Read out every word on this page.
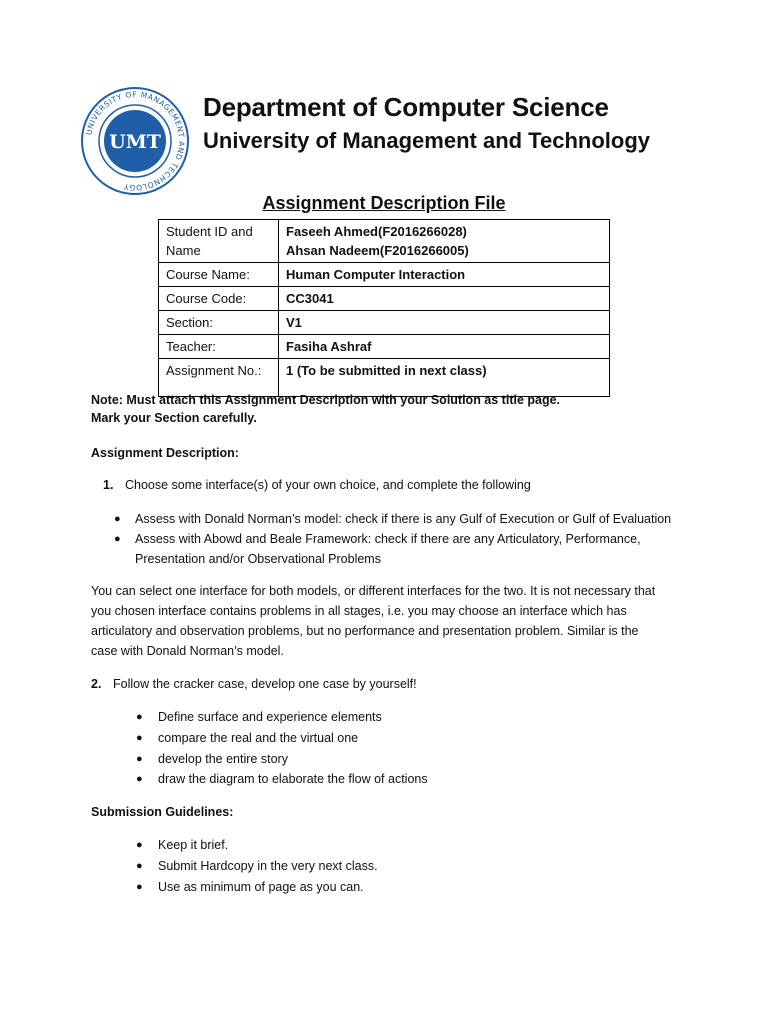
UNIVERSITY OF MANAGEMENT AND TECHNOLOGY
UMT
Department of Computer Science
University of Management and Technology
Assignment Description File
Student ID and Name	Faseeh Ahmed(F2016266028)
Ahsan Nadeem(F2016266005)
Course Name:	Human Computer Interaction
Course Code:	CC3041
Section:	V1
Teacher:	Fasiha Ashraf
Assignment No.:	1 (To be submitted in next class)
Note: Must attach this Assignment Description with your Solution as title page.
Mark your Section carefully.
Assignment Description:
1. Choose some interface(s) of your own choice, and complete the following
● Assess with Donald Norman’s model: check if there is any Gulf of Execution or Gulf of Evaluation
● Assess with Abowd and Beale Framework: check if there are any Articulatory, Performance,
Presentation and/or Observational Problems
You can select one interface for both models, or different interfaces for the two. It is not necessary that
you chosen interface contains problems in all stages, i.e. you may choose an interface which has
articulatory and observation problems, but no performance and presentation problem. Similar is the
case with Donald Norman’s model.
2. Follow the cracker case, develop one case by yourself!
● Define surface and experience elements
● compare the real and the virtual one
● develop the entire story
● draw the diagram to elaborate the flow of actions
Submission Guidelines:
● Keep it brief.
● Submit Hardcopy in the very next class.
● Use as minimum of page as you can.
